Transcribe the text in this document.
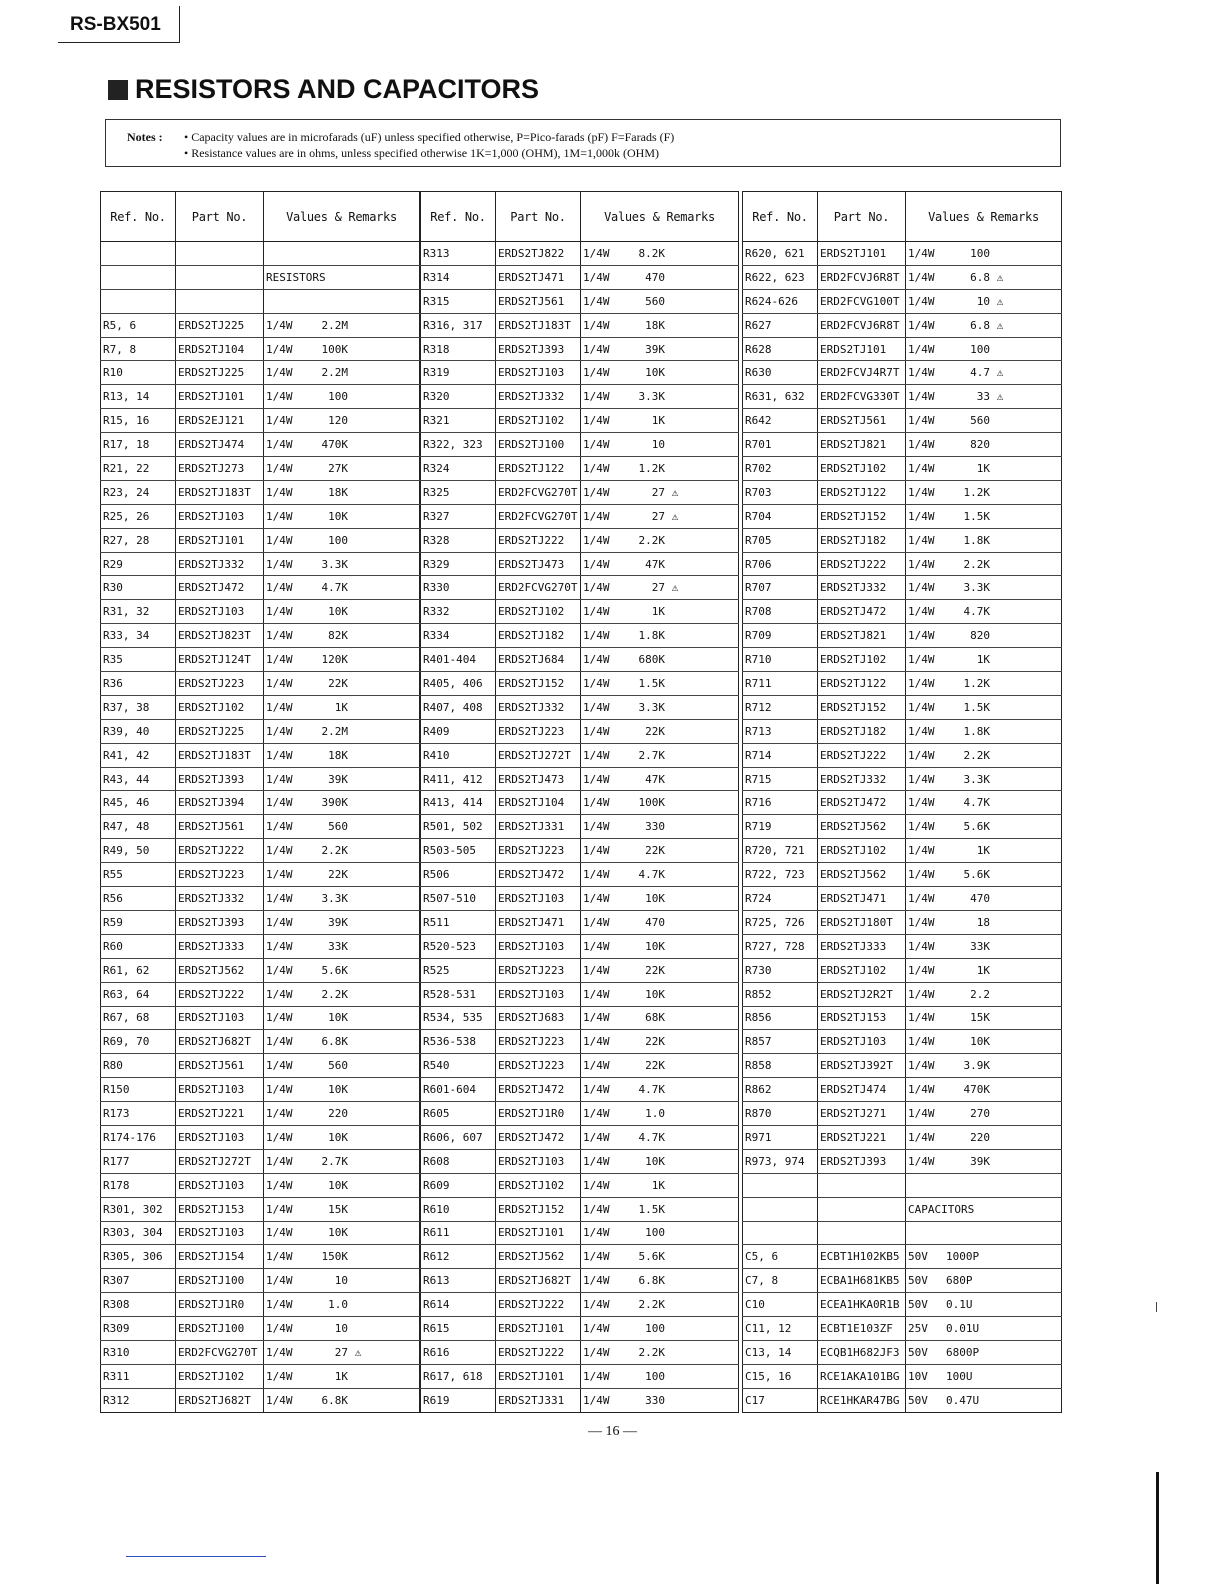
RS-BX501
RESISTORS AND CAPACITORS
Notes : • Capacity values are in microfarads (uF) unless specified otherwise, P=Pico-farads (pF) F=Farads (F)
• Resistance values are in ohms, unless specified otherwise 1K=1,000 (OHM), 1M=1,000k (OHM)
Ref. No.	Part No.	Values & Remarks

		RESISTORS

R5, 6	ERDS2TJ225	1/4W 2.2M
R7, 8	ERDS2TJ104	1/4W 100K
R10	ERDS2TJ225	1/4W 2.2M
R13, 14	ERDS2TJ101	1/4W 100
R15, 16	ERDS2EJ121	1/4W 120
R17, 18	ERDS2TJ474	1/4W 470K
R21, 22	ERDS2TJ273	1/4W 27K
R23, 24	ERDS2TJ183T	1/4W 18K
R25, 26	ERDS2TJ103	1/4W 10K
R27, 28	ERDS2TJ101	1/4W 100
R29	ERDS2TJ332	1/4W 3.3K
R30	ERDS2TJ472	1/4W 4.7K
R31, 32	ERDS2TJ103	1/4W 10K
R33, 34	ERDS2TJ823T	1/4W 82K
R35	ERDS2TJ124T	1/4W 120K
R36	ERDS2TJ223	1/4W 22K
R37, 38	ERDS2TJ102	1/4W 1K
R39, 40	ERDS2TJ225	1/4W 2.2M
R41, 42	ERDS2TJ183T	1/4W 18K
R43, 44	ERDS2TJ393	1/4W 39K
R45, 46	ERDS2TJ394	1/4W 390K
R47, 48	ERDS2TJ561	1/4W 560
R49, 50	ERDS2TJ222	1/4W 2.2K
R55	ERDS2TJ223	1/4W 22K
R56	ERDS2TJ332	1/4W 3.3K
R59	ERDS2TJ393	1/4W 39K
R60	ERDS2TJ333	1/4W 33K
R61, 62	ERDS2TJ562	1/4W 5.6K
R63, 64	ERDS2TJ222	1/4W 2.2K
R67, 68	ERDS2TJ103	1/4W 10K
R69, 70	ERDS2TJ682T	1/4W 6.8K
R80	ERDS2TJ561	1/4W 560
R150	ERDS2TJ103	1/4W 10K
R173	ERDS2TJ221	1/4W 220
R174-176	ERDS2TJ103	1/4W 10K
R177	ERDS2TJ272T	1/4W 2.7K
R178	ERDS2TJ103	1/4W 10K
R301, 302	ERDS2TJ153	1/4W 15K
R303, 304	ERDS2TJ103	1/4W 10K
R305, 306	ERDS2TJ154	1/4W 150K
R307	ERDS2TJ100	1/4W 10
R308	ERDS2TJ1R0	1/4W 1.0
R309	ERDS2TJ100	1/4W 10
R310	ERD2FCVG270T	1/4W 27 ⚠
R311	ERDS2TJ102	1/4W 1K
R312	ERDS2TJ682T	1/4W 6.8K
Ref. No.	Part No.	Values & Remarks
R313	ERDS2TJ822	1/4W 8.2K
R314	ERDS2TJ471	1/4W 470
R315	ERDS2TJ561	1/4W 560
R316, 317	ERDS2TJ183T	1/4W 18K
R318	ERDS2TJ393	1/4W 39K
R319	ERDS2TJ103	1/4W 10K
R320	ERDS2TJ332	1/4W 3.3K
R321	ERDS2TJ102	1/4W 1K
R322, 323	ERDS2TJ100	1/4W 10
R324	ERDS2TJ122	1/4W 1.2K
R325	ERD2FCVG270T	1/4W 27 ⚠
R327	ERD2FCVG270T	1/4W 27 ⚠
R328	ERDS2TJ222	1/4W 2.2K
R329	ERDS2TJ473	1/4W 47K
R330	ERD2FCVG270T	1/4W 27 ⚠
R332	ERDS2TJ102	1/4W 1K
R334	ERDS2TJ182	1/4W 1.8K
R401-404	ERDS2TJ684	1/4W 680K
R405, 406	ERDS2TJ152	1/4W 1.5K
R407, 408	ERDS2TJ332	1/4W 3.3K
R409	ERDS2TJ223	1/4W 22K
R410	ERDS2TJ272T	1/4W 2.7K
R411, 412	ERDS2TJ473	1/4W 47K
R413, 414	ERDS2TJ104	1/4W 100K
R501, 502	ERDS2TJ331	1/4W 330
R503-505	ERDS2TJ223	1/4W 22K
R506	ERDS2TJ472	1/4W 4.7K
R507-510	ERDS2TJ103	1/4W 10K
R511	ERDS2TJ471	1/4W 470
R520-523	ERDS2TJ103	1/4W 10K
R525	ERDS2TJ223	1/4W 22K
R528-531	ERDS2TJ103	1/4W 10K
R534, 535	ERDS2TJ683	1/4W 68K
R536-538	ERDS2TJ223	1/4W 22K
R540	ERDS2TJ223	1/4W 22K
R601-604	ERDS2TJ472	1/4W 4.7K
R605	ERDS2TJ1R0	1/4W 1.0
R606, 607	ERDS2TJ472	1/4W 4.7K
R608	ERDS2TJ103	1/4W 10K
R609	ERDS2TJ102	1/4W 1K
R610	ERDS2TJ152	1/4W 1.5K
R611	ERDS2TJ101	1/4W 100
R612	ERDS2TJ562	1/4W 5.6K
R613	ERDS2TJ682T	1/4W 6.8K
R614	ERDS2TJ222	1/4W 2.2K
R615	ERDS2TJ101	1/4W 100
R616	ERDS2TJ222	1/4W 2.2K
R617, 618	ERDS2TJ101	1/4W 100
R619	ERDS2TJ331	1/4W 330
Ref. No.	Part No.	Values & Remarks
R620, 621	ERDS2TJ101	1/4W 100
R622, 623	ERD2FCVJ6R8T	1/4W 6.8 ⚠
R624-626	ERD2FCVG100T	1/4W 10 ⚠
R627	ERD2FCVJ6R8T	1/4W 6.8 ⚠
R628	ERDS2TJ101	1/4W 100
R630	ERD2FCVJ4R7T	1/4W 4.7 ⚠
R631, 632	ERD2FCVG330T	1/4W 33 ⚠
R642	ERDS2TJ561	1/4W 560
R701	ERDS2TJ821	1/4W 820
R702	ERDS2TJ102	1/4W 1K
R703	ERDS2TJ122	1/4W 1.2K
R704	ERDS2TJ152	1/4W 1.5K
R705	ERDS2TJ182	1/4W 1.8K
R706	ERDS2TJ222	1/4W 2.2K
R707	ERDS2TJ332	1/4W 3.3K
R708	ERDS2TJ472	1/4W 4.7K
R709	ERDS2TJ821	1/4W 820
R710	ERDS2TJ102	1/4W 1K
R711	ERDS2TJ122	1/4W 1.2K
R712	ERDS2TJ152	1/4W 1.5K
R713	ERDS2TJ182	1/4W 1.8K
R714	ERDS2TJ222	1/4W 2.2K
R715	ERDS2TJ332	1/4W 3.3K
R716	ERDS2TJ472	1/4W 4.7K
R719	ERDS2TJ562	1/4W 5.6K
R720, 721	ERDS2TJ102	1/4W 1K
R722, 723	ERDS2TJ562	1/4W 5.6K
R724	ERDS2TJ471	1/4W 470
R725, 726	ERDS2TJ180T	1/4W 18
R727, 728	ERDS2TJ333	1/4W 33K
R730	ERDS2TJ102	1/4W 1K
R852	ERDS2TJ2R2T	1/4W 2.2
R856	ERDS2TJ153	1/4W 15K
R857	ERDS2TJ103	1/4W 10K
R858	ERDS2TJ392T	1/4W 3.9K
R862	ERDS2TJ474	1/4W 470K
R870	ERDS2TJ271	1/4W 270
R971	ERDS2TJ221	1/4W 220
R973, 974	ERDS2TJ393	1/4W 39K

		CAPACITORS

C5, 6	ECBT1H102KB5	50V 1000P
C7, 8	ECBA1H681KB5	50V 680P
C10	ECEA1HKA0R1B	50V 0.1U
C11, 12	ECBT1E103ZF	25V 0.01U
C13, 14	ECQB1H682JF3	50V 6800P
C15, 16	RCE1AKA101BG	10V 100U
C17	RCE1HKAR47BG	50V 0.47U
— 16 —
